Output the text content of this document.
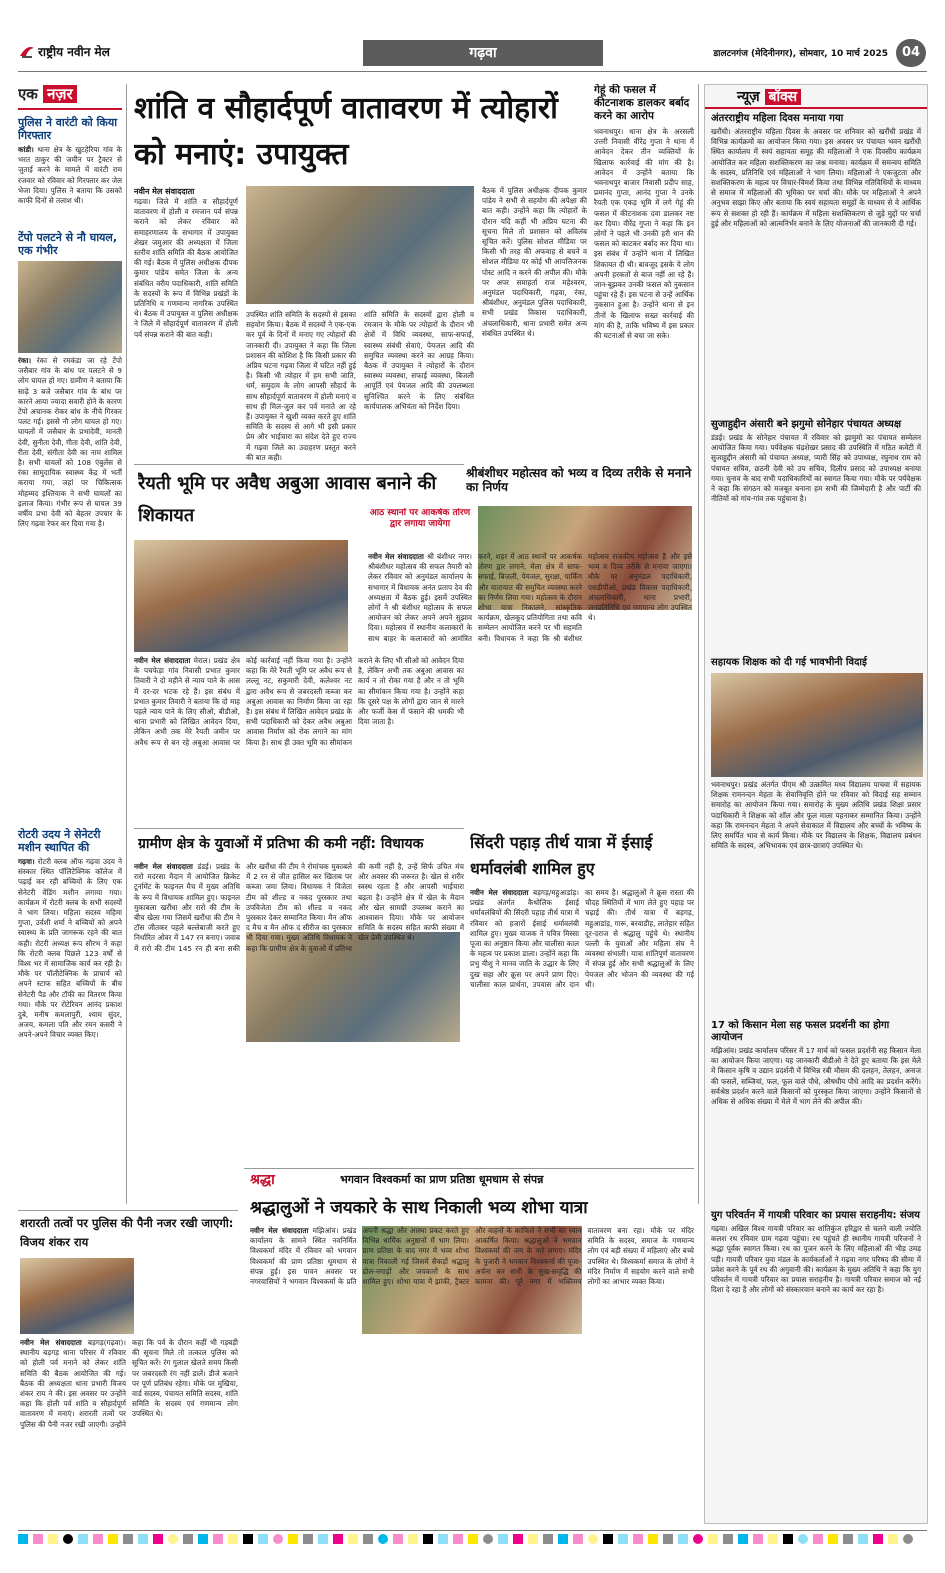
राष्ट्रीय नवीन मेल	गढ़वा	डालटनगंज (मेदिनीनगर), सोमवार, 10 मार्च 2025	04
एक नज़र
पुलिस ने वारंटी को किया गिरफ्तार
कांडी। थाना क्षेत्र के खुटहेरिया गांव के भरत ठाकुर की जमीन पर ट्रैक्टर से जुताई करने के मामले में वारंटी राम रजवार को रविवार को गिरफ्तार कर जेल भेजा दिया। पुलिस ने बताया कि उसको काफी दिनों से तलाश थी।
टेंपो पलटने से नौ घायल, एक गंभीर
रंका। रंका से रमकंडा जा रहे टेंपो जसैबार गांव के बांध पर पलटने से 9 लोग घायल हो गए। ग्रामीण ने बताया कि साढ़े 3 बजे जसैबार गांव के बांध पर कारने आया ज्यादा सवारी होने के कारण टेंपो अचानक रोकर बांध के नीचे गिरकर पलट गई। इससे नौ लोग घायल हो गए। घायलों में जसैबार के प्रभादेवी, मानती देवी, सुनीता देवी, गीता देवी, शांति देवी, रीता देवी, संगीता देवी का नाम शामिल है। सभी घायलों को 108 एंबुलेंस से रंका सामुदायिक स्वास्थ्य केंद्र में भर्ती कराया गया, जहां पर चिकित्सक मोहम्मद इश्तियाक ने सभी घायलों का इलाज किया। गंभीर रूप से घायल 39 वर्षीय प्रभा देवी को बेहतर उपचार के लिए गढ़वा रेफर कर दिया गया है।
रोटरी उदय ने सेनेटरी मशीन स्थापित की
गढ़वा। रोटरी क्लब ऑफ गढ़वा उदय ने संस्कार स्थित पॉलिटेक्निक कॉलेज में पढ़ाई कर रही बच्चियों के लिए एक सेनेटरी वेंडिंग मशीन लगाया गया। कार्यक्रम में रोटरी क्लब के सभी सदस्यों ने भाग लिया। महिला सदस्य महिमा गुप्ता, उर्वशी शर्मा ने बच्चियों को अपने स्वास्थ्य के प्रति जागरूक रहने की बात कही। रोटरी अध्यक्ष रूप सौरभ ने कहा कि रोटरी क्लब पिछले 123 वर्षों से विश्व भर में सामाजिक कार्य कर रही है। मौके पर पॉलीटेक्निक के प्राचार्य को अपने स्टाफ सहित बच्चियों के बीच सेनेटरी पैड और टॉफी का वितरण किया गया। मौके पर रोटेरियन आनंद प्रकाश दुबे, मनीष कमलापुरी, श्याम सुंदर, अजय, कमला पति और रमन कसरी ने अपने-अपने विचार व्यक्त किए।
शांति व सौहार्दपूर्ण वातावरण में त्योहारों को मनाएं: उपायुक्त
नवीन मेल संवाददाता
गढ़वा। जिले में शांति व सौहार्दपूर्ण वातावरण में होली व रमजान पर्व संपन्न कराने को लेकर रविवार को समाहरणालय के सभागार में उपायुक्त शेखर जमुआर की अध्यक्षता में जिला स्तरीय शांति समिति की बैठक आयोजित की गई। बैठक में पुलिस अधीक्षक दीपक कुमार पांडेय समेत जिला के अन्य संबंधित वरीय पदाधिकारी, शांति समिति के सदस्यों के रूप में विभिन्न प्रखंडों के प्रतिनिधि व गणमान्य नागरिक उपस्थित थे। बैठक में उपायुक्त व पुलिस अधीक्षक ने जिले में सौहार्दपूर्ण वातावरण में होली पर्व संपन्न कराने की बात कही।
उपस्थित शांति समिति के सदस्यों से इसका सहयोग किया। बैठक में सदस्यों ने एक-एक कर पूर्व के दिनों में मनाए गए त्योहारों की जानकारी दी। उपायुक्त ने कहा कि जिला प्रशासन की कोशिश है कि किसी प्रकार की अप्रिय घटना गढ़वा जिला में घटित नहीं हुई है। किसी भी त्योहार में हम सभी जाति, धर्म, समुदाय के लोग आपसी सौहार्द के साथ सौहार्दपूर्ण वातावरण में होली मनाएं व साथ ही मिल-जुल कर पर्व मनाते आ रहे हैं। उपायुक्त ने खुशी व्यक्त करते हुए शांति समिति के सदस्य से आगे भी इसी प्रकार प्रेम और भाईचारा का संदेश देते हुए राज्य में गढ़वा जिले का उदाहरण प्रस्तुत करने की बात कही।
शांति समिति के सदस्यों द्वारा होली व रमजान के मौके पर त्योहारों के दौरान भी क्षेत्रों में विधि व्यवस्था, साफ-सफाई, स्वास्थ्य संबंधी सेवाएं, पेयजल आदि की समुचित व्यवस्था करने का आग्रह किया। बैठक में उपायुक्त ने त्योहारों के दौरान स्वास्थ्य व्यवस्था, सफाई व्यवस्था, बिजली आपूर्ति एवं पेयजल आदि की उपलब्धता सुनिश्चित करने के लिए संबंधित कार्यपालक अभियंता को निर्देश दिया।
बैठक में पुलिस अधीक्षक दीपक कुमार पांडेय ने सभी से सहयोग की अपेक्षा की बात कही। उन्होंने कहा कि त्योहारों के दौरान यदि कहीं भी अप्रिय घटना की सूचना मिले तो प्रशासन को अविलंब सूचित करें। पुलिस सोशल मीडिया पर किसी भी तरह की अफवाह से बचने व सोशल मीडिया पर कोई भी आपत्तिजनक पोस्ट आदि न करने की अपील की। मौके पर अपर समाहर्ता राज महेश्वरम, अनुमंडल पदाधिकारी, गढ़वा, रंका, श्रीबंशीधर, अनुमंडल पुलिस पदाधिकारी, सभी प्रखंड विकास पदाधिकारी, अंचलाधिकारी, थाना प्रभारी समेत अन्य संबंधित उपस्थित थे।
गेहूं की फसल में कीटनाशक डालकर बर्बाद करने का आरोप
भवनाथपुर। थाना क्षेत्र के अरसली उत्तरी निवासी वीरेंद्र गुप्ता ने थाना में आवेदन देकर तीन व्यक्तियों के खिलाफ कार्रवाई की मांग की है। आवेदन में उन्होंने बताया कि भवनाथपुर बाजार निवासी प्रदीप साह, प्रमानंद गुप्ता, आनंद गुप्ता ने उनके रैयती एक एकड़ भूमि में लगे गेहूं की फसल में कीटनाशक दवा डालकर नष्ट कर दिया। वीरेंद्र गुप्ता ने कहा कि इन लोगों ने पहले भी उनकी हरी धान की फसल को काटकर बर्बाद कर दिया था। इस संबंध में उन्होंने थाना में लिखित शिकायत दी थी। बावजूद इसके ये लोग अपनी हरकतों से बाज नहीं आ रहे हैं। जान-बूझकर उनकी फसल को नुकसान पहुंचा रहे हैं। इस घटना से उन्हें आर्थिक नुकसान हुआ है। उन्होंने थाना से इन तीनों के खिलाफ सख्त कार्रवाई की मांग की है, ताकि भविष्य में इस प्रकार की घटनाओं से बचा जा सके।
रैयती भूमि पर अवैध अबुआ आवास बनाने की शिकायत
नवीन मेल संवाददाता मेराल। प्रखंड क्षेत्र के पचफेड़ा गांव निवासी प्रभात कुमार तिवारी ने दो महीने से न्याय पाने के आस में दर-दर भटक रहे हैं। इस संबंध में प्रभात कुमार तिवारी ने बताया कि दो माह पहले न्याय पाने के लिए सीओ, बीडीओ, थाना प्रभारी को लिखित आवेदन दिया, लेकिन अभी तक मेरे रैयती जमीन पर अवैध रूप से बन रहे अबुआ आवास पर कोई कार्रवाई नहीं किया गया है। उन्होंने कहा कि मेरे रैयती भूमि पर अवैध रूप से लल्लू नट, सकुमारी देवी, कलेश्वर नट द्वारा अवैध रूप से जबरदस्ती कब्जा कर अबुआ आवास का निर्माण किया जा रहा है। इस संबंध में लिखित आवेदन प्रखंड के सभी पदाधिकारी को देकर अवैध अबुआ आवास निर्माण को रोक लगाने का मांग किया है। साथ ही उक्त भूमि का सीमांकन कराने के लिए भी सीओ को आवेदन दिया है, लेकिन अभी तक अबुआ आवास का कार्य न तो रोका गया है और न तो भूमि का सीमांकन किया गया है। उन्होंने कहा कि दूसरे पक्ष के लोगों द्वारा जान से मारने और फर्जी केस में फंसाने की धमकी भी दिया जाता है।
श्रीबंशीधर महोत्सव को भव्य व दिव्य तरीके से मनाने का निर्णय
आठ स्थानों पर आकर्षक तोरण द्वार लगाया जायेगा
नवीन मेल संवाददाता श्री बंशीधर नगर। श्रीबंशीधर महोत्सव की सफल तैयारी को लेकर रविवार को अनुमंडल कार्यालय के सभागार में विधायक अनंत प्रताप देव की अध्यक्षता में बैठक हुई। इसमें उपस्थित लोगों ने श्री बंशीधर महोत्सव के सफल आयोजन को लेकर अपने अपने सुझाव दिया। महोत्सव में स्थानीय कलाकारों के साथ बाहर के कलाकारों को आमंत्रित करने, शहर में आठ स्थानों पर आकर्षक तोरण द्वार लगाने, मेला क्षेत्र में साफ-सफाई, बिजली, पेयजल, सुरक्षा, पार्किंग और यातायात की समुचित व्यवस्था करने का निर्णय लिया गया। महोत्सव के दौरान शोभा यात्रा निकालने, सांस्कृतिक कार्यक्रम, खेलकूद प्रतियोगिता तथा कवि सम्मेलन आयोजित करने पर भी सहमति बनी। विधायक ने कहा कि श्री बंशीधर महोत्सव राजकीय महोत्सव है और इसे भव्य व दिव्य तरीके से मनाया जाएगा। मौके पर अनुमंडल पदाधिकारी, एसडीपीओ, प्रखंड विकास पदाधिकारी, अंचलाधिकारी, थाना प्रभारी, जनप्रतिनिधि एवं गणमान्य लोग उपस्थित थे।
ग्रामीण क्षेत्र के युवाओं में प्रतिभा की कमी नहीं: विधायक
नवीन मेल संवाददाता डंडई। प्रखंड के रारो मदरसा मैदान में आयोजित क्रिकेट टूर्नामेंट के फाइनल मैच में मुख्य अतिथि के रूप में विधायक शामिल हुए। फाइनल मुकाबला खरौंधा और रारो की टीम के बीच खेला गया जिसमें खरौंधा की टीम ने टॉस जीतकर पहले बल्लेबाजी करते हुए निर्धारित ओवर में 147 रन बनाए। जवाब में रारो की टीम 145 रन ही बना सकी और खरौंधा की टीम ने रोमांचक मुकाबले में 2 रन से जीत हासिल कर खिताब पर कब्जा जमा लिया। विधायक ने विजेता टीम को शील्ड व नकद पुरस्कार तथा उपविजेता टीम को शील्ड व नकद पुरस्कार देकर सम्मानित किया। मैन ऑफ द मैच व मैन ऑफ द सीरीज का पुरस्कार भी दिया गया। मुख्य अतिथि विधायक ने कहा कि ग्रामीण क्षेत्र के युवाओं में प्रतिभा की कमी नहीं है, उन्हें सिर्फ उचित मंच और अवसर की जरूरत है। खेल से शरीर स्वस्थ रहता है और आपसी भाईचारा बढ़ता है। उन्होंने क्षेत्र में खेल के मैदान और खेल सामग्री उपलब्ध कराने का आश्वासन दिया। मौके पर आयोजन समिति के सदस्य सहित काफी संख्या में खेल प्रेमी उपस्थित थे।
सिंदरी पहाड़ तीर्थ यात्रा में ईसाई धर्मावलंबी शामिल हुए
नवीन मेल संवाददाता बड़गड़/महुआडांड़। प्रखंड अंतर्गत कैथोलिक ईसाई धर्मावलंबियों की सिंदरी पहाड़ तीर्थ यात्रा में रविवार को हजारों ईसाई धर्मावलंबी शामिल हुए। मुख्य याजक ने पवित्र मिस्सा पूजा का अनुष्ठान किया और चालीसा काल के महत्व पर प्रकाश डाला। उन्होंने कहा कि प्रभु यीशु ने मानव जाति के उद्धार के लिए दुख सहा और क्रूस पर अपने प्राण दिए। चालीसा काल प्रार्थना, उपवास और दान का समय है। श्रद्धालुओं ने क्रूस रास्ता की चौदह स्थितियों में भाग लेते हुए पहाड़ पर चढ़ाई की। तीर्थ यात्रा में बड़गड़, महुआडांड़, गारू, बरवाडीह, लातेहार सहित दूर-दराज से श्रद्धालु पहुंचे थे। स्थानीय पल्ली के युवाओं और महिला संघ ने व्यवस्था संभाली। यात्रा शांतिपूर्ण वातावरण में संपन्न हुई और सभी श्रद्धालुओं के लिए पेयजल और भोजन की व्यवस्था की गई थी।
शरारती तत्वों पर पुलिस की पैनी नजर रखी जाएगी: विजय शंकर राय
नवीन मेल संवाददाता बड़गड़(गढ़वा)। स्थानीय बड़गड़ थाना परिसर में रविवार को होली पर्व मनाने को लेकर शांति समिति की बैठक आयोजित की गई। बैठक की अध्यक्षता थाना प्रभारी विजय शंकर राय ने की। इस अवसर पर उन्होंने कहा कि होली पर्व शांति व सौहार्दपूर्ण वातावरण में मनाएं। शरारती तत्वों पर पुलिस की पैनी नजर रखी जाएगी। उन्होंने कहा कि पर्व के दौरान कहीं भी गड़बड़ी की सूचना मिले तो तत्काल पुलिस को सूचित करें। रंग गुलाल खेलते समय किसी पर जबरदस्ती रंग नहीं डालें। डीजे बजाने पर पूर्ण प्रतिबंध रहेगा। मौके पर मुखिया, वार्ड सदस्य, पंचायत समिति सदस्य, शांति समिति के सदस्य एवं गणमान्य लोग उपस्थित थे।
श्रद्धा	भगवान विश्वकर्मा का प्राण प्रतिष्ठा धूमधाम से संपन्न
श्रद्धालुओं ने जयकारे के साथ निकाली भव्य शोभा यात्रा
नवीन मेल संवाददाता मझिआंव। प्रखंड कार्यालय के सामने स्थित नवनिर्मित विश्वकर्मा मंदिर में रविवार को भगवान विश्वकर्मा की प्राण प्रतिष्ठा धूमधाम से संपन्न हुई। इस पावन अवसर पर नगरवासियों ने भगवान विश्वकर्मा के प्रति अपनी श्रद्धा और आस्था प्रकट करते हुए विभिन्न धार्मिक अनुष्ठानों में भाग लिया। प्राण प्रतिष्ठा के बाद नगर में भव्य शोभा यात्रा निकाली गई जिसमें सैकड़ों श्रद्धालु ढोल-नगाड़ों और जयकारों के साथ शामिल हुए। शोभा यात्रा में झांकी, ट्रैक्टर और वाहनों के काफिले ने सभी का ध्यान आकर्षित किया। श्रद्धालुओं ने भगवान विश्वकर्मा की जय के नारे लगाए। मंदिर के पुजारी ने भगवान विश्वकर्मा की पूजा-अर्चना कर सभी के सुख-समृद्धि की कामना की। पूरे नगर में भक्तिमय वातावरण बना रहा। मौके पर मंदिर समिति के सदस्य, समाज के गणमान्य लोग एवं बड़ी संख्या में महिलाएं और बच्चे उपस्थित थे। विश्वकर्मा समाज के लोगों ने मंदिर निर्माण में सहयोग करने वाले सभी लोगों का आभार व्यक्त किया।
न्यूज़ बॉक्स
अंतरराष्ट्रीय महिला दिवस मनाया गया
खरौंधी। अंतरराष्ट्रीय महिला दिवस के अवसर पर शनिवार को खरौंधी प्रखंड में विभिन्न कार्यक्रमों का आयोजन किया गया। इस अवसर पर पंचायत भवन खरौंधी स्थित कार्यालय में स्वयं सहायता समूह की महिलाओं ने एक दिवसीय कार्यक्रम आयोजित कर महिला सशक्तिकरण का जश्न मनाया। कार्यक्रम में समन्वय समिति के सदस्य, प्रतिनिधि एवं महिलाओं ने भाग लिया। महिलाओं ने एकजुटता और सशक्तिकरण के महत्व पर विचार-विमर्श किया तथा विभिन्न गतिविधियों के माध्यम से समाज में महिलाओं की भूमिका पर चर्चा की। मौके पर महिलाओं ने अपने अनुभव साझा किए और बताया कि स्वयं सहायता समूहों के माध्यम से वे आर्थिक रूप से सशक्त हो रही हैं। कार्यक्रम में महिला सशक्तिकरण से जुड़े मुद्दों पर चर्चा हुई और महिलाओं को आत्मनिर्भर बनाने के लिए योजनाओं की जानकारी दी गई।
सुजाहुद्दीन अंसारी बने झगुमो सोनेहार पंचायत अध्यक्ष
डंडई। प्रखंड के सोनेहार पंचायत में रविवार को झामुमो का पंचायत सम्मेलन आयोजित किया गया। पर्यवेक्षक चंद्रशेखर प्रसाद की उपस्थिति में गठित कमेटी में सुजाहुद्दीन अंसारी को पंचायत अध्यक्ष, प्यारी सिंह को उपाध्यक्ष, रघुनाथ राम को पंचायत सचिव, छठनी देवी को उप सचिव, दिलीप प्रसाद को उपाध्यक्ष बनाया गया। चुनाव के बाद सभी पदाधिकारियों का स्वागत किया गया। मौके पर पर्यवेक्षक ने कहा कि संगठन को मजबूत बनाना हम सभी की जिम्मेदारी है और पार्टी की नीतियों को गांव-गांव तक पहुंचाना है।
सहायक शिक्षक को दी गई भावभीनी विदाई
भवनाथपुर। प्रखंड अंतर्गत पीएम श्री उत्क्रमित मध्य विद्यालय पाचवा में सहायक शिक्षक रामनन्दन मेहता के सेवानिवृत्ति होने पर रविवार को विदाई सह सम्मान समारोह का आयोजन किया गया। समारोह के मुख्य अतिथि प्रखंड शिक्षा प्रसार पदाधिकारी ने शिक्षक को शॉल और फूल माला पहनाकर सम्मानित किया। उन्होंने कहा कि रामनन्दन मेहता ने अपने सेवाकाल में विद्यालय और बच्चों के भविष्य के लिए समर्पित भाव से कार्य किया। मौके पर विद्यालय के शिक्षक, विद्यालय प्रबंधन समिति के सदस्य, अभिभावक एवं छात्र-छात्राएं उपस्थित थे।
17 को किसान मेला सह फसल प्रदर्शनी का होगा आयोजन
मझिआंव। प्रखंड कार्यालय परिसर में 17 मार्च को फसल प्रदर्शनी सह किसान मेला का आयोजन किया जाएगा। यह जानकारी बीडीओ ने देते हुए बताया कि इस मेले में किसान कृषि व उद्यान प्रदर्शनी में विभिन्न रबी मौसम की दलहन, तेलहन, अनाज की फसलें, सब्जियां, फल, फूल वाले पौधे, औषधीय पौधे आदि का प्रदर्शन करेंगे। सर्वश्रेष्ठ प्रदर्शन करने वाले किसानों को पुरस्कृत किया जाएगा। उन्होंने किसानों से अधिक से अधिक संख्या में मेले में भाग लेने की अपील की।
युग परिवर्तन में गायत्री परिवार का प्रयास सराहनीय: संजय
गढ़वा। अखिल विश्व गायत्री परिवार का शांतिकुंज हरिद्वार से चलने वाली ज्योति कलश रथ रविवार ग्राम गढ़वा पहुंचा। रथ पहुंचते ही स्थानीय गायत्री परिजनों ने श्रद्धा पूर्वक स्वागत किया। रथ का पूजन करने के लिए महिलाओं की भीड़ उमड़ पड़ी। गायत्री परिवार युवा मंडल के कार्यकर्ताओं ने गढ़वा नगर परिषद की सीमा में प्रवेश करने के पूर्व रथ की अगुवानी की। कार्यक्रम के मुख्य अतिथि ने कहा कि युग परिवर्तन में गायत्री परिवार का प्रयास सराहनीय है। गायत्री परिवार समाज को नई दिशा दे रहा है और लोगों को संस्कारवान बनाने का कार्य कर रहा है।
